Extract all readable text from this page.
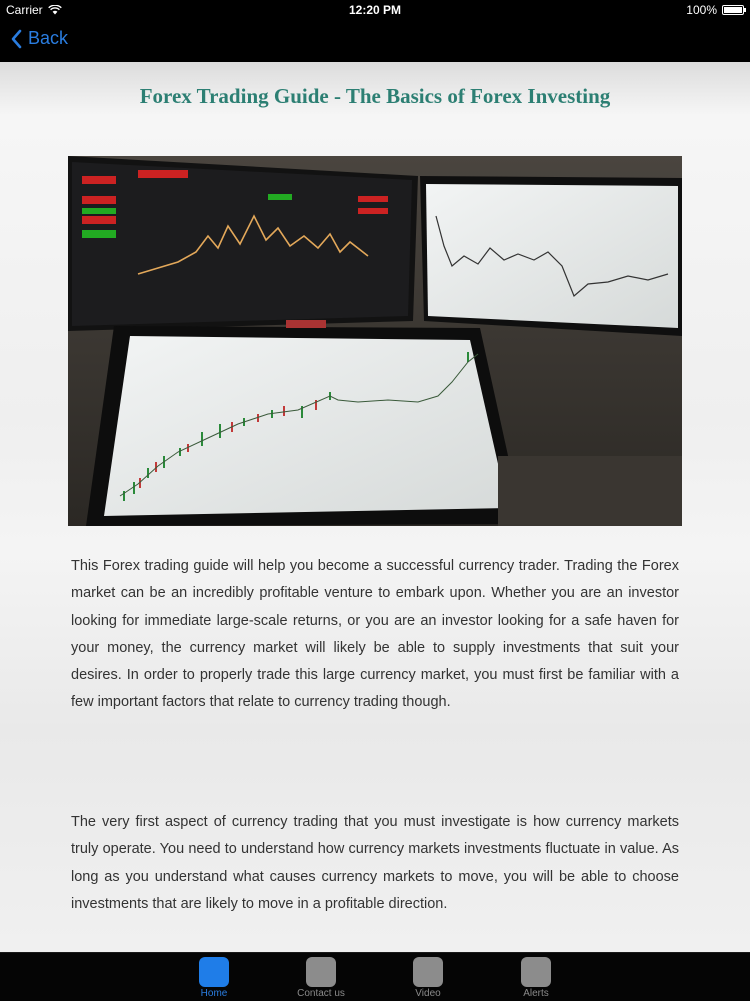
Carrier	12:20 PM	100%
Back
Forex Trading Guide - The Basics of Forex Investing

This Forex trading guide will help you become a successful currency trader. Trading the Forex market can be an incredibly profitable venture to embark upon. Whether you are an investor looking for immediate large-scale returns, or you are an investor looking for a safe haven for your money, the currency market will likely be able to supply investments that suit your desires. In order to properly trade this large currency market, you must first be familiar with a few important factors that relate to currency trading though.

The very first aspect of currency trading that you must investigate is how currency markets truly operate. You need to understand how currency markets investments fluctuate in value. As long as you understand what causes currency markets to move, you will be able to choose investments that are likely to move in a profitable direction.

Home	Contact us	Video	Alerts
